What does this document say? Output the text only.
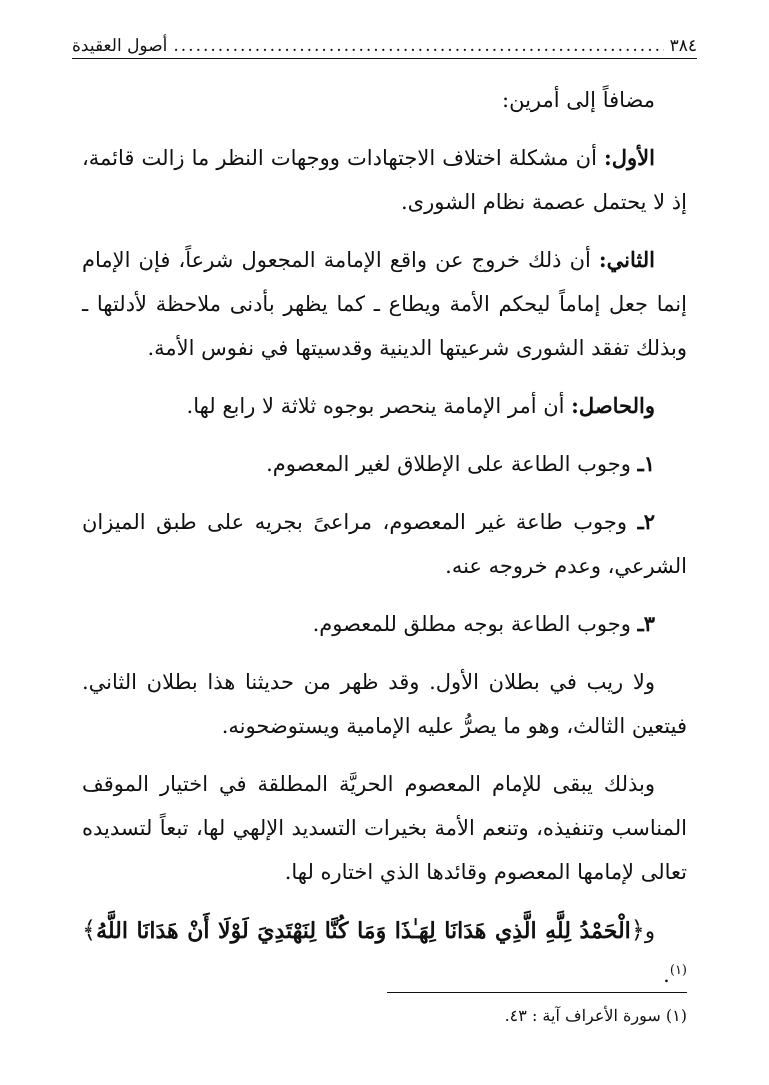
٣٨٤
.....
أصول العقيدة

مضافاً إلى أمرين:

الأول: أن مشكلة اختلاف الاجتهادات ووجهات النظر ما زالت قائمة، إذ لا يحتمل عصمة نظام الشورى.

الثاني: أن ذلك خروج عن واقع الإمامة المجعول شرعاً، فإن الإمام إنما جعل إماماً ليحكم الأمة ويطاع ـ كما يظهر بأدنى ملاحظة لأدلتها ـ وبذلك تفقد الشورى شرعيتها الدينية وقدسيتها في نفوس الأمة.

والحاصل: أن أمر الإمامة ينحصر بوجوه ثلاثة لا رابع لها.

١ـ وجوب الطاعة على الإطلاق لغير المعصوم.

٢ـ وجوب طاعة غير المعصوم، مراعىً بجريه على طبق الميزان الشرعي، وعدم خروجه عنه.

٣ـ وجوب الطاعة بوجه مطلق للمعصوم.

ولا ريب في بطلان الأول. وقد ظهر من حديثنا هذا بطلان الثاني. فيتعين الثالث، وهو ما يصرُّ عليه الإمامية ويستوضحونه.

وبذلك يبقى للإمام المعصوم الحريَّة المطلقة في اختيار الموقف المناسب وتنفيذه، وتنعم الأمة بخيرات التسديد الإلهي لها، تبعاً لتسديده تعالى لإمامها المعصوم وقائدها الذي اختاره لها.

و﴿الْحَمْدُ لِلَّهِ الَّذِي هَدَانَا لِهَـٰذَا وَمَا كُنَّا لِنَهْتَدِيَ لَوْلَا أَنْ هَدَانَا اللَّهُ﴾$^{(١)}$.

(١) سورة الأعراف آية : ٤٣.
